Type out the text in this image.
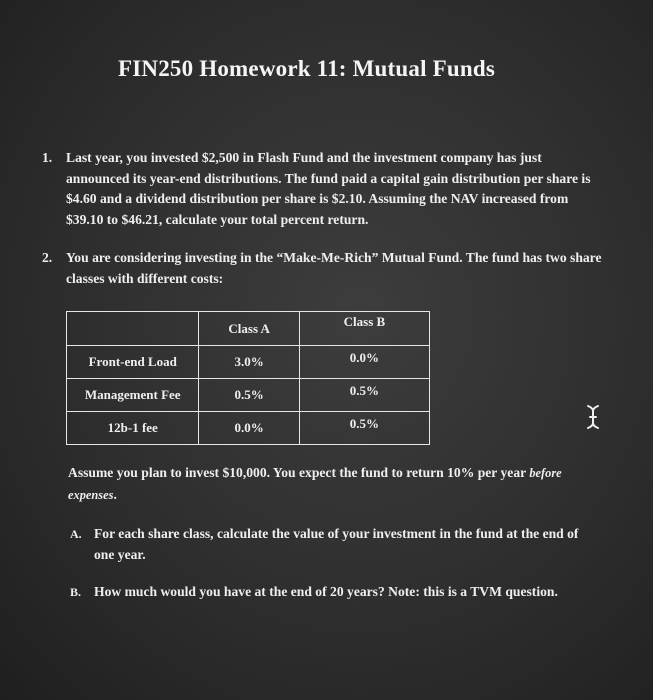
FIN250 Homework 11: Mutual Funds
1. Last year, you invested $2,500 in Flash Fund and the investment company has just announced its year-end distributions. The fund paid a capital gain distribution per share is $4.60 and a dividend distribution per share is $2.10. Assuming the NAV increased from $39.10 to $46.21, calculate your total percent return.
2. You are considering investing in the “Make-Me-Rich” Mutual Fund. The fund has two share classes with different costs:
	Class A	Class B
Front-end Load	3.0%	0.0%
Management Fee	0.5%	0.5%
12b-1 fee	0.0%	0.5%
Assume you plan to invest $10,000. You expect the fund to return 10% per year before expenses.
A. For each share class, calculate the value of your investment in the fund at the end of one year.
B. How much would you have at the end of 20 years? Note: this is a TVM question.
